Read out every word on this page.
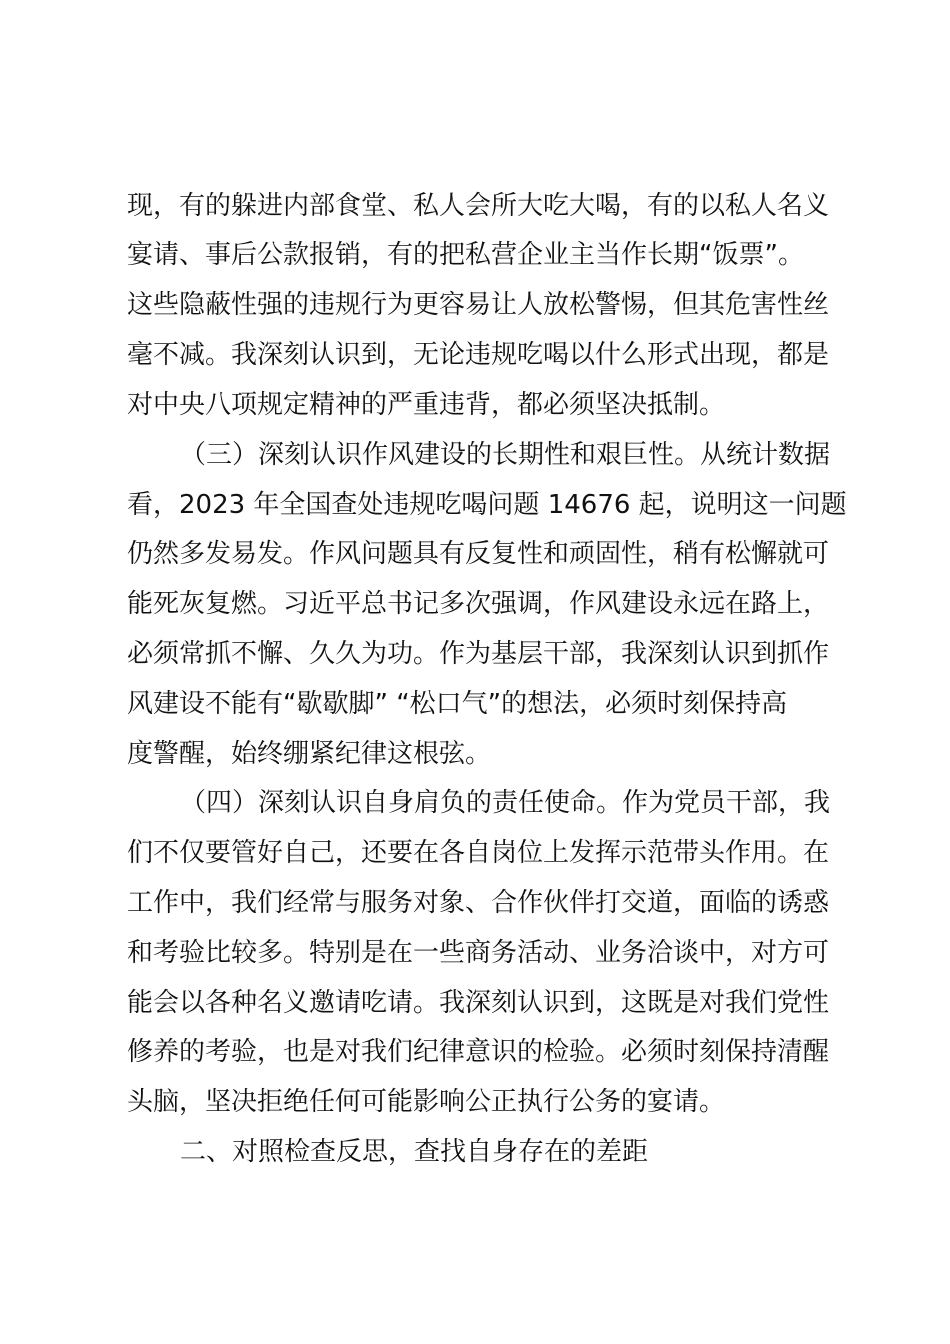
现，有的躲进内部食堂、私人会所大吃大喝，有的以私人名义
宴请、事后公款报销，有的把私营企业主当作长期“饭票”。
这些隐蔽性强的违规行为更容易让人放松警惕，但其危害性丝
毫不减。我深刻认识到，无论违规吃喝以什么形式出现，都是
对中央八项规定精神的严重违背，都必须坚决抵制。
（三）深刻认识作风建设的长期性和艰巨性。从统计数据
看，2023 年全国查处违规吃喝问题 14676 起，说明这一问题
仍然多发易发。作风问题具有反复性和顽固性，稍有松懈就可
能死灰复燃。习近平总书记多次强调，作风建设永远在路上，
必须常抓不懈、久久为功。作为基层干部，我深刻认识到抓作
风建设不能有“歇歇脚” “松口气”的想法，必须时刻保持高
度警醒，始终绷紧纪律这根弦。
（四）深刻认识自身肩负的责任使命。作为党员干部，我
们不仅要管好自己，还要在各自岗位上发挥示范带头作用。在
工作中，我们经常与服务对象、合作伙伴打交道，面临的诱惑
和考验比较多。特别是在一些商务活动、业务洽谈中，对方可
能会以各种名义邀请吃请。我深刻认识到，这既是对我们党性
修养的考验，也是对我们纪律意识的检验。必须时刻保持清醒
头脑，坚决拒绝任何可能影响公正执行公务的宴请。
二、对照检查反思，查找自身存在的差距
